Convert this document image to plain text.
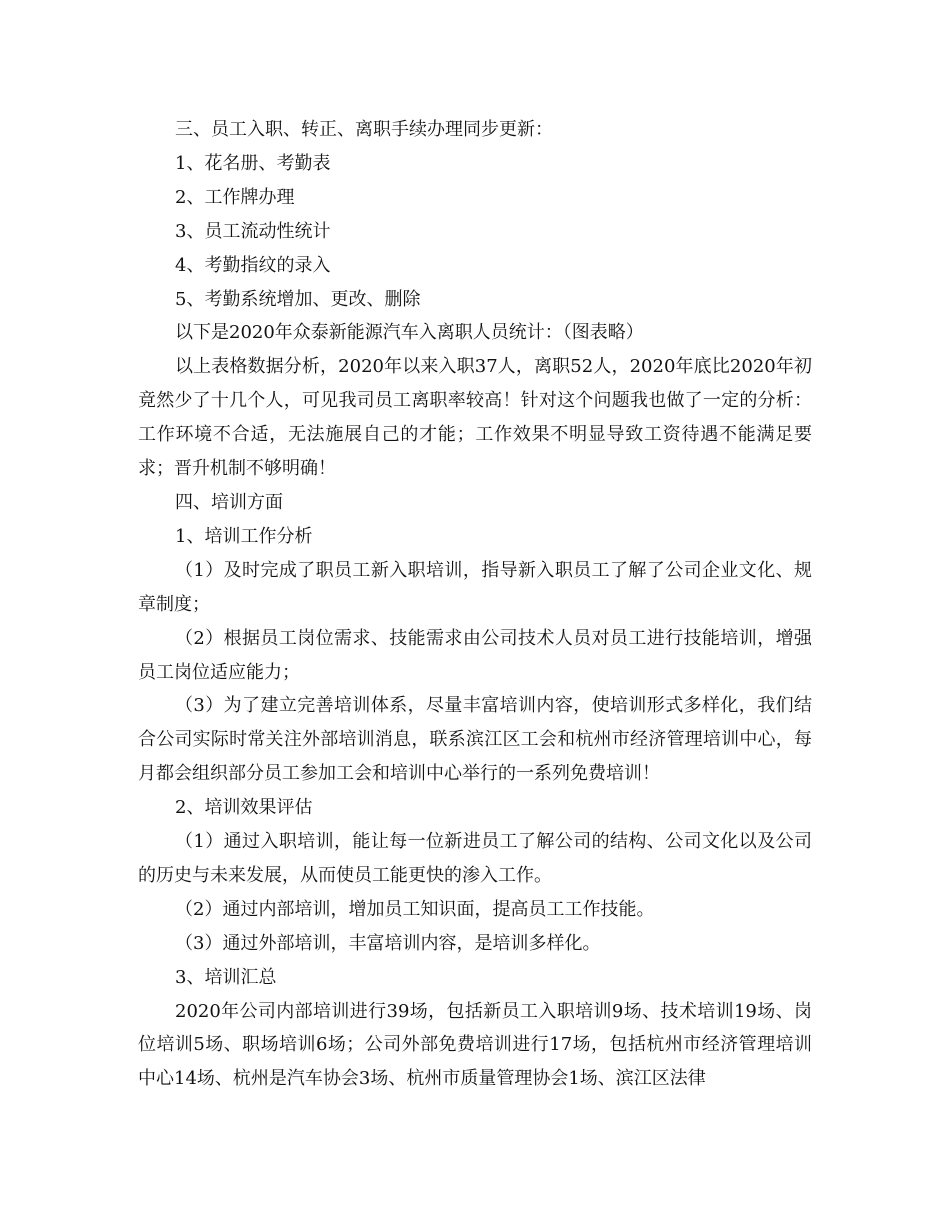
三、员工入职、转正、离职手续办理同步更新：

1、花名册、考勤表

2、工作牌办理

3、员工流动性统计

4、考勤指纹的录入

5、考勤系统增加、更改、删除

以下是2020年众泰新能源汽车入离职人员统计：（图表略）

以上表格数据分析，2020年以来入职37人，离职52人，2020年底比2020年初竟然少了十几个人，可见我司员工离职率较高！针对这个问题我也做了一定的分析：工作环境不合适，无法施展自己的才能；工作效果不明显导致工资待遇不能满足要求；晋升机制不够明确！

四、培训方面

1、培训工作分析

（1）及时完成了职员工新入职培训，指导新入职员工了解了公司企业文化、规章制度；

（2）根据员工岗位需求、技能需求由公司技术人员对员工进行技能培训，增强员工岗位适应能力；

（3）为了建立完善培训体系，尽量丰富培训内容，使培训形式多样化，我们结合公司实际时常关注外部培训消息，联系滨江区工会和杭州市经济管理培训中心，每月都会组织部分员工参加工会和培训中心举行的一系列免费培训！

2、培训效果评估

（1）通过入职培训，能让每一位新进员工了解公司的结构、公司文化以及公司的历史与未来发展，从而使员工能更快的渗入工作。

（2）通过内部培训，增加员工知识面，提高员工工作技能。

（3）通过外部培训，丰富培训内容，是培训多样化。

3、培训汇总

2020年公司内部培训进行39场，包括新员工入职培训9场、技术培训19场、岗位培训5场、职场培训6场；公司外部免费培训进行17场，包括杭州市经济管理培训中心14场、杭州是汽车协会3场、杭州市质量管理协会1场、滨江区法律
